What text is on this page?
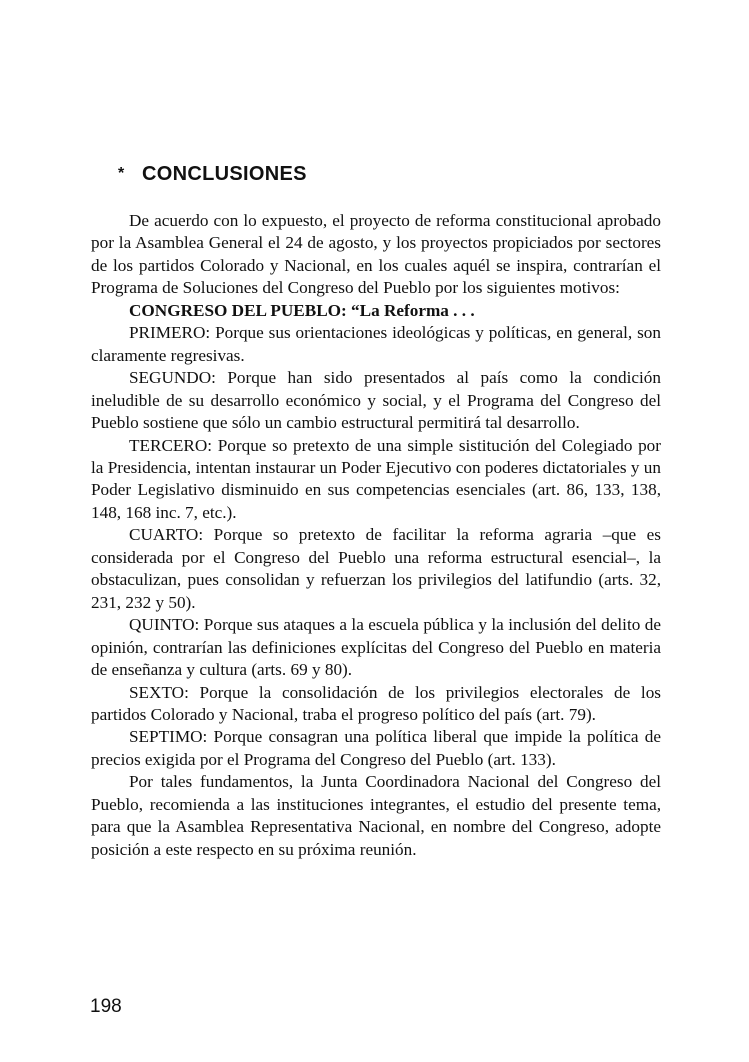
* CONCLUSIONES

De acuerdo con lo expuesto, el proyecto de reforma constitucional aprobado por la Asamblea General el 24 de agosto, y los proyectos propiciados por sectores de los partidos Colorado y Nacional, en los cuales aquél se inspira, contrarían el Programa de Soluciones del Congreso del Pueblo por los siguientes motivos:

CONGRESO DEL PUEBLO: “La Reforma . . .

PRIMERO: Porque sus orientaciones ideológicas y políticas, en general, son claramente regresivas.

SEGUNDO: Porque han sido presentados al país como la condición ineludible de su desarrollo económico y social, y el Programa del Congreso del Pueblo sostiene que sólo un cambio estructural permitirá tal desarrollo.

TERCERO: Porque so pretexto de una simple sistitución del Colegiado por la Presidencia, intentan instaurar un Poder Ejecutivo con poderes dictatoriales y un Poder Legislativo disminuido en sus competencias esenciales (art. 86, 133, 138, 148, 168 inc. 7, etc.).

CUARTO: Porque so pretexto de facilitar la reforma agraria –que es considerada por el Congreso del Pueblo una reforma estructural esencial–, la obstaculizan, pues consolidan y refuerzan los privilegios del latifundio (arts. 32, 231, 232 y 50).

QUINTO: Porque sus ataques a la escuela pública y la inclusión del delito de opinión, contrarían las definiciones explícitas del Congreso del Pueblo en materia de enseñanza y cultura (arts. 69 y 80).

SEXTO: Porque la consolidación de los privilegios electorales de los partidos Colorado y Nacional, traba el progreso político del país (art. 79).

SEPTIMO: Porque consagran una política liberal que impide la política de precios exigida por el Programa del Congreso del Pueblo (art. 133).

Por tales fundamentos, la Junta Coordinadora Nacional del Congreso del Pueblo, recomienda a las instituciones integrantes, el estudio del presente tema, para que la Asamblea Representativa Nacional, en nombre del Congreso, adopte posición a este respecto en su próxima reunión.

198
